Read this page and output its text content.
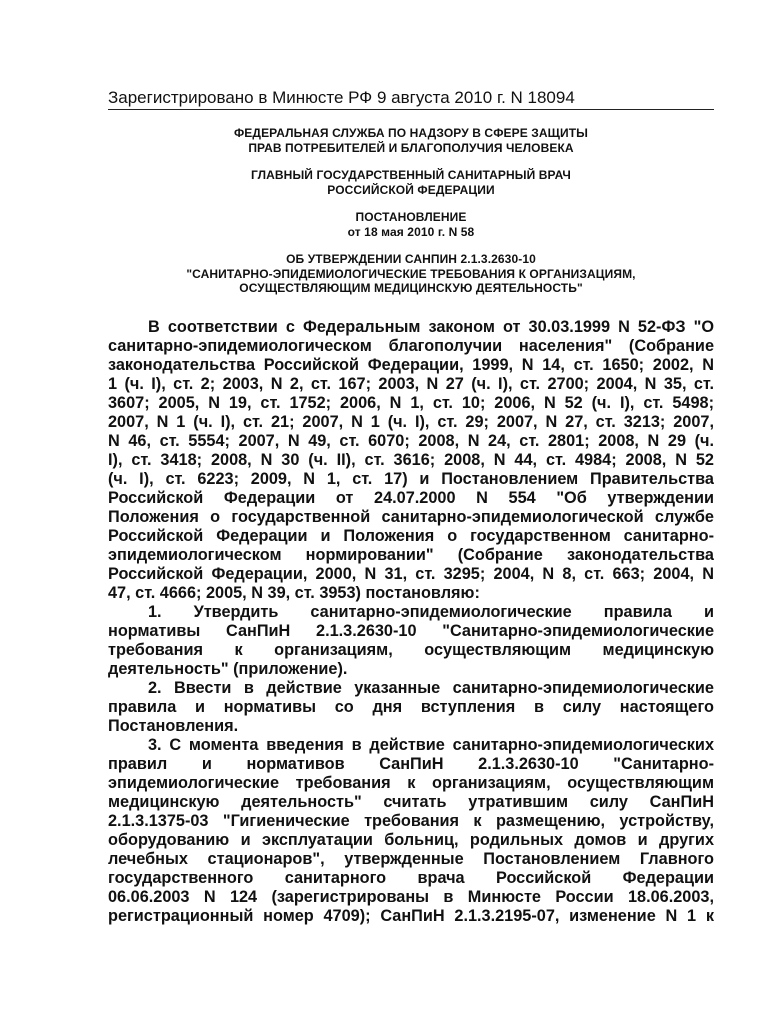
Зарегистрировано в Минюсте РФ 9 августа 2010 г. N 18094
ФЕДЕРАЛЬНАЯ СЛУЖБА ПО НАДЗОРУ В СФЕРЕ ЗАЩИТЫ
ПРАВ ПОТРЕБИТЕЛЕЙ И БЛАГОПОЛУЧИЯ ЧЕЛОВЕКА
ГЛАВНЫЙ ГОСУДАРСТВЕННЫЙ САНИТАРНЫЙ ВРАЧ
РОССИЙСКОЙ ФЕДЕРАЦИИ
ПОСТАНОВЛЕНИЕ
от 18 мая 2010 г. N 58
ОБ УТВЕРЖДЕНИИ САНПИН 2.1.3.2630-10
"САНИТАРНО-ЭПИДЕМИОЛОГИЧЕСКИЕ ТРЕБОВАНИЯ К ОРГАНИЗАЦИЯМ,
ОСУЩЕСТВЛЯЮЩИМ МЕДИЦИНСКУЮ ДЕЯТЕЛЬНОСТЬ"
В соответствии с Федеральным законом от 30.03.1999 N 52-ФЗ "О
санитарно-эпидемиологическом благополучии населения" (Собрание
законодательства Российской Федерации, 1999, N 14, ст. 1650; 2002, N
1 (ч. I), ст. 2; 2003, N 2, ст. 167; 2003, N 27 (ч. I), ст. 2700; 2004, N 35, ст.
3607; 2005, N 19, ст. 1752; 2006, N 1, ст. 10; 2006, N 52 (ч. I), ст. 5498;
2007, N 1 (ч. I), ст. 21; 2007, N 1 (ч. I), ст. 29; 2007, N 27, ст. 3213; 2007,
N 46, ст. 5554; 2007, N 49, ст. 6070; 2008, N 24, ст. 2801; 2008, N 29 (ч.
I), ст. 3418; 2008, N 30 (ч. II), ст. 3616; 2008, N 44, ст. 4984; 2008, N 52
(ч. I), ст. 6223; 2009, N 1, ст. 17) и Постановлением Правительства
Российской Федерации от 24.07.2000 N 554 "Об утверждении
Положения о государственной санитарно-эпидемиологической службе
Российской Федерации и Положения о государственном санитарно-
эпидемиологическом нормировании" (Собрание законодательства
Российской Федерации, 2000, N 31, ст. 3295; 2004, N 8, ст. 663; 2004, N
47, ст. 4666; 2005, N 39, ст. 3953) постановляю:
1. Утвердить санитарно-эпидемиологические правила и
нормативы СанПиН 2.1.3.2630-10 "Санитарно-эпидемиологические
требования к организациям, осуществляющим медицинскую
деятельность" (приложение).
2. Ввести в действие указанные санитарно-эпидемиологические
правила и нормативы со дня вступления в силу настоящего
Постановления.
3. С момента введения в действие санитарно-эпидемиологических
правил и нормативов СанПиН 2.1.3.2630-10 "Санитарно-
эпидемиологические требования к организациям, осуществляющим
медицинскую деятельность" считать утратившим силу СанПиН
2.1.3.1375-03 "Гигиенические требования к размещению, устройству,
оборудованию и эксплуатации больниц, родильных домов и других
лечебных стационаров", утвержденные Постановлением Главного
государственного санитарного врача Российской Федерации
06.06.2003 N 124 (зарегистрированы в Минюсте России 18.06.2003,
регистрационный номер 4709); СанПиН 2.1.3.2195-07, изменение N 1 к
